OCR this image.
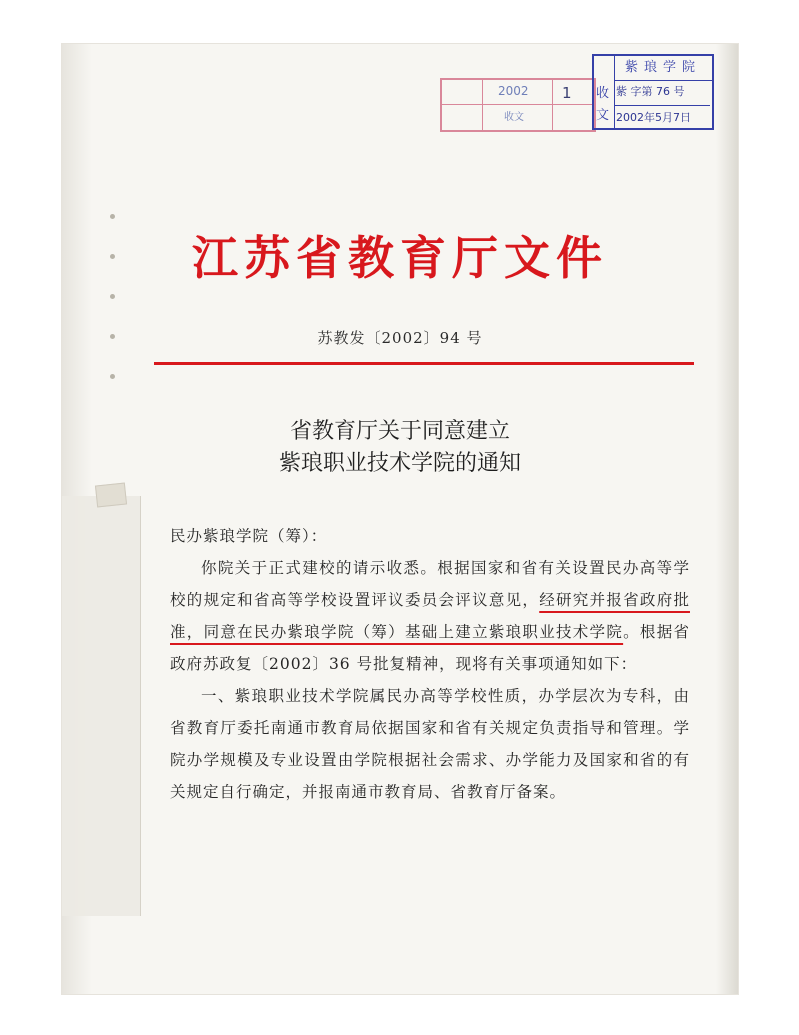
2002
收文
1 收
文
紫琅学院
紫 字第 76 号
2002年5月7日
江苏省教育厅文件
苏教发〔2002〕94 号
省教育厅关于同意建立
紫琅职业技术学院的通知

民办紫琅学院（筹）：

你院关于正式建校的请示收悉。根据国家和省有关设置民办高等学校的规定和省高等学校设置评议委员会评议意见，经研究并报省政府批准，同意在民办紫琅学院（筹）基础上建立紫琅职业技术学院。根据省政府苏政复〔2002〕36 号批复精神，现将有关事项通知如下：

一、紫琅职业技术学院属民办高等学校性质，办学层次为专科，由省教育厅委托南通市教育局依据国家和省有关规定负责指导和管理。学院办学规模及专业设置由学院根据社会需求、办学能力及国家和省的有关规定自行确定，并报南通市教育局、省教育厅备案。
